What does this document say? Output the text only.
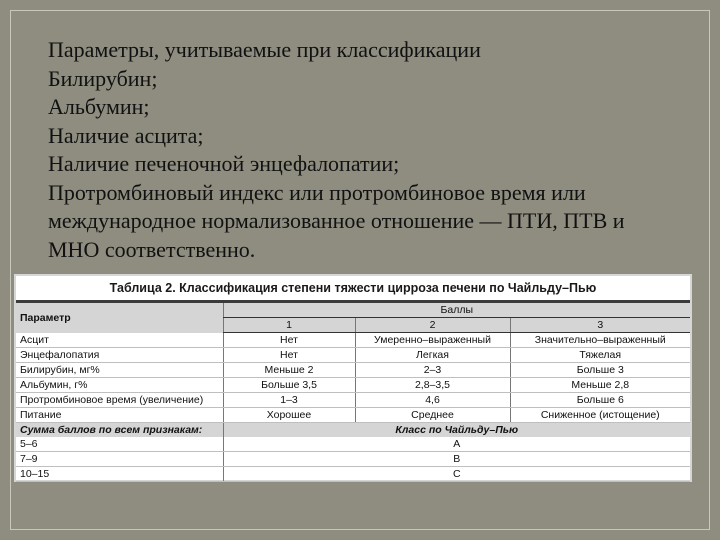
Параметры, учитываемые при классификации
Билирубин;
Альбумин;
Наличие асцита;
Наличие печеночной энцефалопатии;
Протромбиновый индекс или протромбиновое время или
международное нормализованное отношение — ПТИ, ПТВ и
МНО соответственно.
Таблица 2. Классификация степени тяжести цирроза печени по Чайльду–Пью
Параметр	Баллы		
	1	2	3
Асцит	Нет	Умеренно–выраженный	Значительно–выраженный
Энцефалопатия	Нет	Легкая	Тяжелая
Билирубин, мг%	Меньше 2	2–3	Больше 3
Альбумин, г%	Больше 3,5	2,8–3,5	Меньше 2,8
Протромбиновое время (увеличение)	1–3	4,6	Больше 6
Питание	Хорошее	Среднее	Сниженное (истощение)
Сумма баллов по всем признакам:	Класс по Чайльду–Пью		
5–6	A		
7–9	B		
10–15	C		
